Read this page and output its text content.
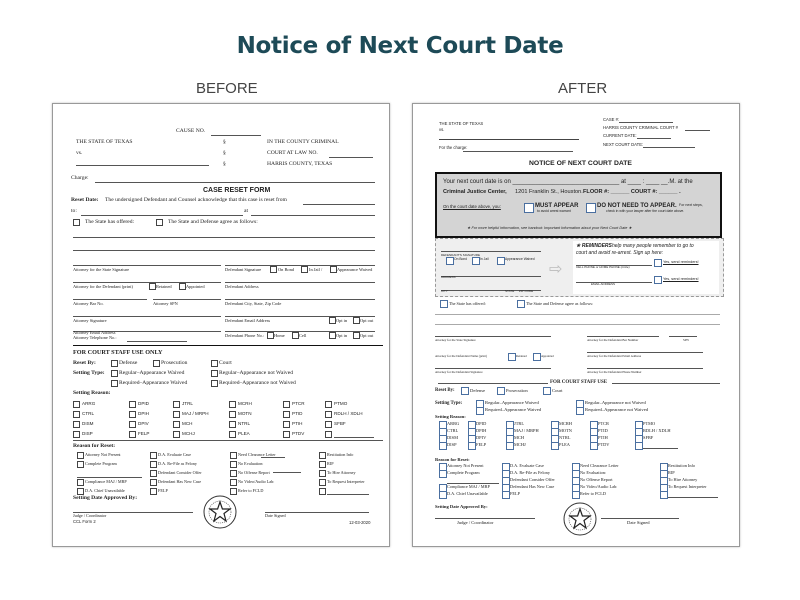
Notice of Next Court Date
BEFORE	AFTER
CAUSE NO.
THE STATE OF TEXAS	§	IN THE COUNTY CRIMINAL
vs.	§	COURT AT LAW NO.
§	HARRIS COUNTY, TEXAS
Charge:
CASE RESET FORM
Reset Date: The undersigned Defendant and Counsel acknowledge that this case is reset from
to:	at
The State has offered:	The State and Defense agree as follows:
Attorney for the State Signature	Defendant Signature	On Bond	In Jail /	Appearance Waived
Attorney for the Defendant (print)	Retained	Appointed	Defendant Address
Attorney Bar No.	Attorney SPN	Defendant City, State, Zip Code
Attorney Signature	Defendant Email Address	Opt in	Opt out
Attorney Email Address
Attorney Telephone No.:	Defendant Phone No.: Home	Cell	Opt in	Opt out
FOR COURT STAFF USE ONLY
Reset By:	Defense	Prosecution	Court
Setting Type:	Regular–Appearance Waived	Regular–Appearance not Waived
Required–Appearance Waived	Required–Appearance not Waived
Setting Reason:
ARRG	DPID	JTRL	MCRH	PTCR	PTMO
CTRL	DPIH	MAJ / MRPH	MOTN	PTID	RDLH / XDLH
DISM	DPIV	MCH	NTRL	PTIH	SFBF
DISP	FELP	MCHJ	PLEA	PTDV
Reason for Reset:
Attorney Not Present	D.A. Evaluate Case	Need Clearance Letter	Restitution Info
Complete Program	D.A. Re-File as Felony	No Evaluation:	RIP
Defendant Consider Offer	No Offense Report	To Hire Attorney
Compliance MAJ / MRP	Defendant Has New Case	No Video/Audio Lab:	To Request Interpreter
D.A. Chief Unavailable	FELP	Refer to FCLD
Setting Date Approved By:
Judge / Coordinator
CCL Form 2
Date Signed
12-03-2020
THE STATE OF TEXAS
vs.
For the charge:
CASE #:
HARRIS COUNTY CRIMINAL COURT #
CURRENT DATE:
NEXT COURT DATE:
NOTICE OF NEXT COURT DATE
Your next court date is on ________________________________ at ____ : ____ __.M. at the
Criminal Justice Center, 1201 Franklin St., Houston. FLOOR #: ______ COURT #: ______ .
On the court date above, you:	MUST APPEAR
to avoid arrest warrant
DO NOT NEED TO APPEAR. For next steps,
check in with your lawyer after the court date above.
★ For more helpful information, see handout: Important Information about your Next Court Date ★
DEFENDANT'S SIGNATURE
On Bond	In Jail	Appearance Waived
ADDRESS
CITY	STATE ZIP CODE
⇨
★ REMINDERS help many people remember to go to
court and avoid re-arrest. Sign up here:
CELL PHONE or HOME PHONE (circle)
Yes, send reminders!
EMAIL ADDRESS
Yes, send reminders!
The State has offered:	The State and Defense agree as follows:
Attorney for the State Signature	Attorney for the Defendant Bar Number	SPN
Attorney for the Defendant Name (print)	Retained	Appointed	Attorney for the Defendant Email Address
Attorney for the Defendant Signature	Attorney for the Defendant Phone Number
FOR COURT STAFF USE
Reset By:	Defense	Prosecution	Court
Setting Type:	Regular–Appearance Waived	Regular–Appearance not Waived
Required–Appearance Waived	Required–Appearance not Waived
Setting Reason:
ARRG	DPID	JTRL	MCRH	PTCR	PTMO
CTRL	DPIH	MAJ / MRPH	MOTN	PTID	RDLH / XDLH
DISM	DPIV	MCH	NTRL	PTIH	SFBF
DISP	FELP	MCHJ	PLEA	PTDV
Reason for Reset:
Attorney Not Present	D.A. Evaluate Case	Need Clearance Letter	Restitution Info
Complete Program	D.A. Re-File as Felony	No Evaluation:	RIP
Defendant Consider Offer	No Offense Report	To Hire Attorney
Compliance MAJ / MRP	Defendant Has New Case	No Video/Audio Lab:	To Request Interpreter
D.A. Chief Unavailable	FELP	Refer to FCLD
Setting Date Approved By:
Judge / Coordinator	Date Signed
